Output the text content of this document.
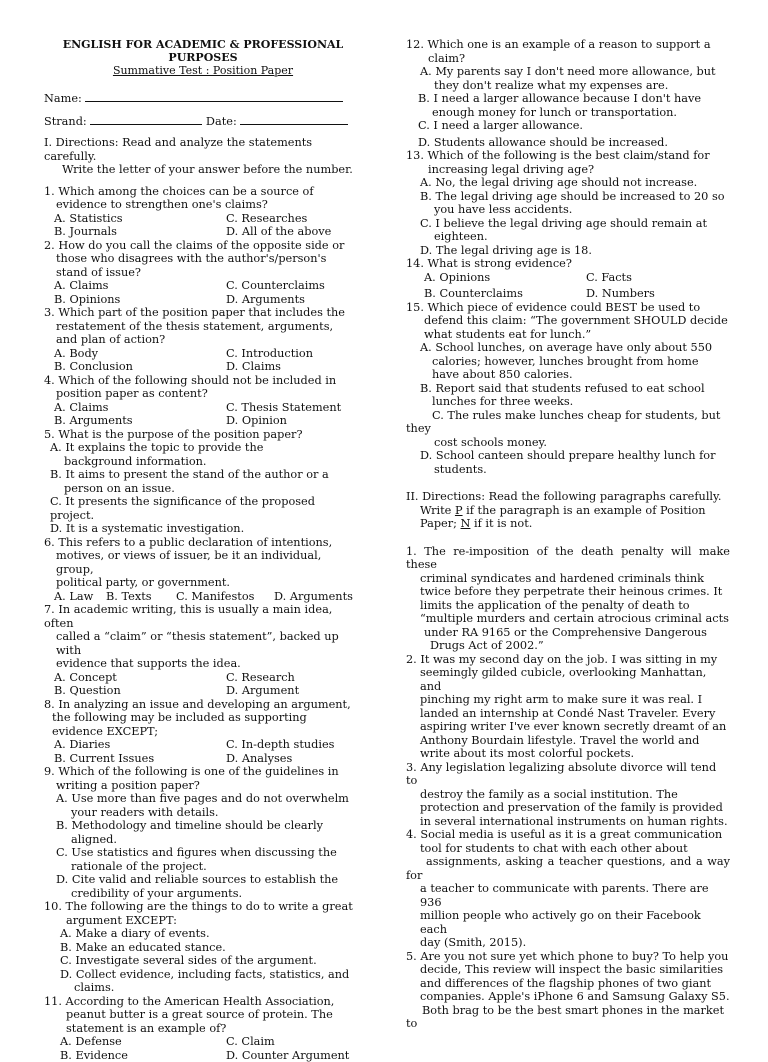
ENGLISH FOR ACADEMIC & PROFESSIONAL PURPOSES
Summative Test : Position Paper
Name:
Strand:	Date:
I. Directions: Read and analyze the statements carefully.
Write the letter of your answer before the number.
1. Which among the choices can be a source of
evidence to strengthen one's claims?
A. Statistics	C. Researches
B. Journals	D. All of the above
2. How do you call the claims of the opposite side or
those who disagrees with the author's/person's
stand of issue?
A. Claims	C. Counterclaims
B. Opinions	D. Arguments
3. Which part of the position paper that includes the
restatement of the thesis statement, arguments,
and plan of action?
A. Body	C. Introduction
B. Conclusion	D. Claims
4. Which of the following should not be included in
position paper as content?
A. Claims	C. Thesis Statement
B. Arguments	D. Opinion
5. What is the purpose of the position paper?
A. It explains the topic to provide the
background information.
B. It aims to present the stand of the author or a
person on an issue.
C. It presents the significance of the proposed project.
D. It is a systematic investigation.
6. This refers to a public declaration of intentions,
motives, or views of issuer, be it an individual, group,
political party, or government.
A. Law	B. Texts	C. Manifestos	D. Arguments
7. In academic writing, this is usually a main idea, often
called a “claim” or “thesis statement”, backed up with
evidence that supports the idea.
A. Concept	C. Research
B. Question	D. Argument
8. In analyzing an issue and developing an argument,
the following may be included as supporting
evidence EXCEPT;
A. Diaries	C. In-depth studies
B. Current Issues	D. Analyses
9. Which of the following is one of the guidelines in
writing a position paper?
A. Use more than five pages and do not overwhelm
your readers with details.
B. Methodology and timeline should be clearly
aligned.
C. Use statistics and figures when discussing the
rationale of the project.
D. Cite valid and reliable sources to establish the
credibility of your arguments.
10. The following are the things to do to write a great
argument EXCEPT:
A. Make a diary of events.
B. Make an educated stance.
C. Investigate several sides of the argument.
D. Collect evidence, including facts, statistics, and
claims.
11. According to the American Health Association,
peanut butter is a great source of protein. The
statement is an example of?
A. Defense	C. Claim
B. Evidence	D. Counter Argument
12. Which one is an example of a reason to support a
claim?
A. My parents say I don't need more allowance, but
they don't realize what my expenses are.
B. I need a larger allowance because I don't have
enough money for lunch or transportation.
C. I need a larger allowance.
D. Students allowance should be increased.
13. Which of the following is the best claim/stand for
increasing legal driving age?
A. No, the legal driving age should not increase.
B. The legal driving age should be increased to 20 so
you have less accidents.
C. I believe the legal driving age should remain at
eighteen.
D. The legal driving age is 18.
14. What is strong evidence?
A. Opinions	C. Facts
B. Counterclaims	D. Numbers
15. Which piece of evidence could BEST be used to
defend this claim: “The government SHOULD decide
what students eat for lunch.”
A. School lunches, on average have only about 550
calories; however, lunches brought from home
have about 850 calories.
B. Report said that students refused to eat school
lunches for three weeks.
C. The rules make lunches cheap for students, but
they
cost schools money.
D. School canteen should prepare healthy lunch for
students.
II. Directions: Read the following paragraphs carefully.
Write P if the paragraph is an example of Position
Paper; N if it is not.
1. The re-imposition of the death penalty will make
these
criminal syndicates and hardened criminals think
twice before they perpetrate their heinous crimes. It
limits the application of the penalty of death to
“multiple murders and certain atrocious criminal acts
under RA 9165 or the Comprehensive Dangerous
Drugs Act of 2002.”
2. It was my second day on the job. I was sitting in my
seemingly gilded cubicle, overlooking Manhattan, and
pinching my right arm to make sure it was real. I
landed an internship at Condé Nast Traveler. Every
aspiring writer I've ever known secretly dreamt of an
Anthony Bourdain lifestyle. Travel the world and
write about its most colorful pockets.
3. Any legislation legalizing absolute divorce will tend to
destroy the family as a social institution. The
protection and preservation of the family is provided
in several international instruments on human rights.
4. Social media is useful as it is a great communication
tool for students to chat with each other about
assignments, asking a teacher questions, and a way
for
a teacher to communicate with parents. There are 936
million people who actively go on their Facebook each
day (Smith, 2015).
5. Are you not sure yet which phone to buy? To help you
decide, This review will inspect the basic similarities
and differences of the flagship phones of two giant
companies. Apple's iPhone 6 and Samsung Galaxy S5.
Both brag to be the best smart phones in the market
to
